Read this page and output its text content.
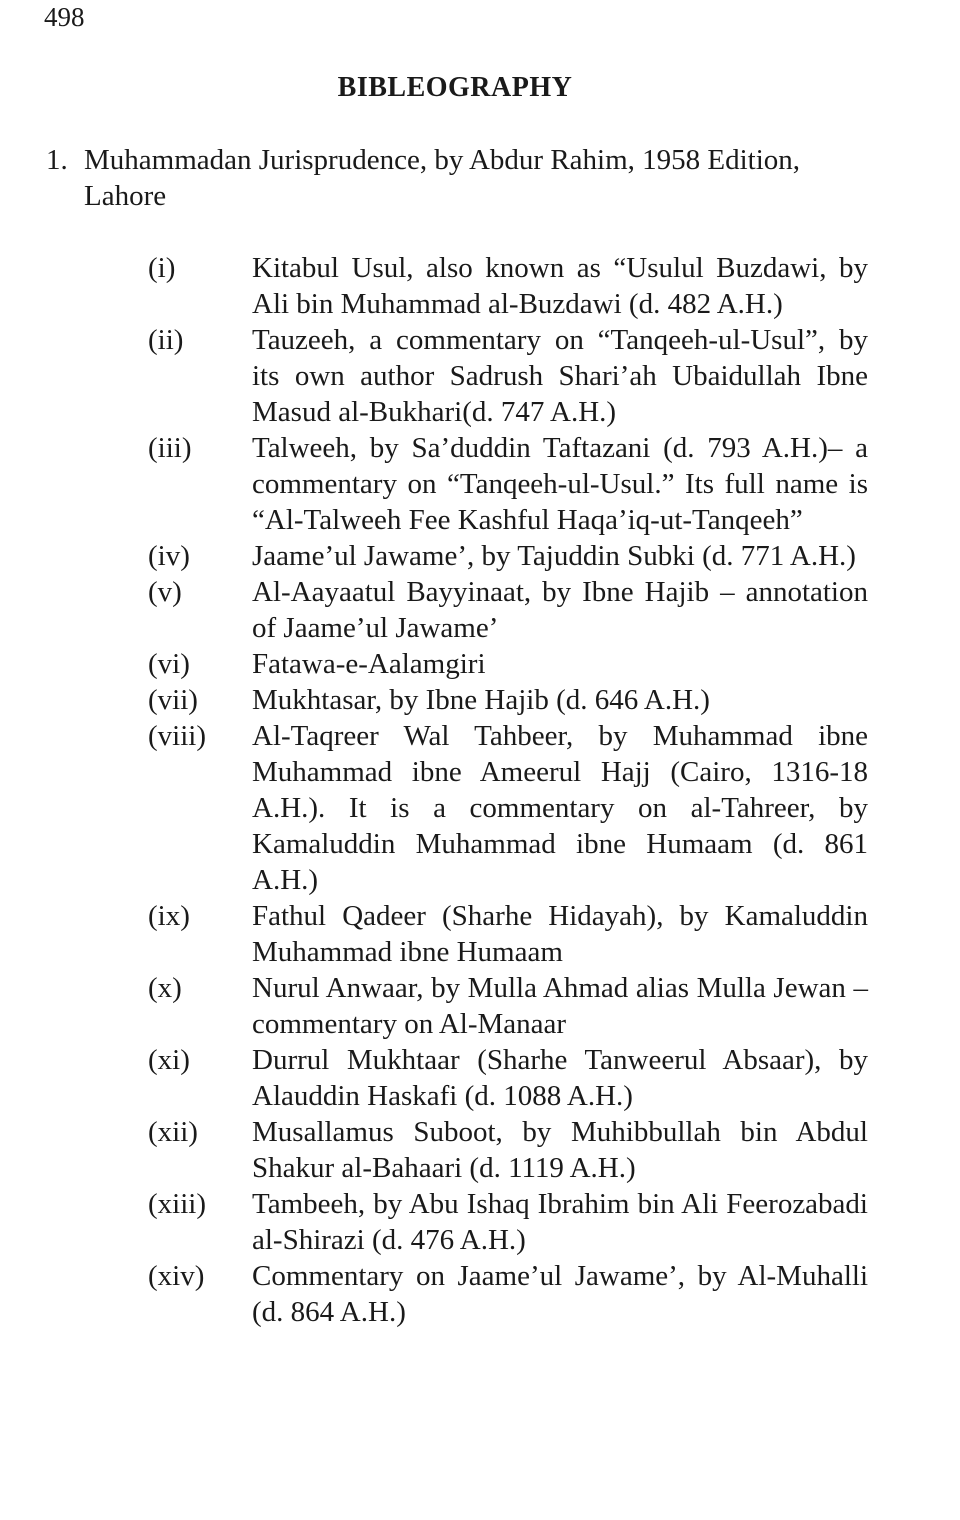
498
BIBLEOGRAPHY
1. Muhammadan Jurisprudence, by Abdur Rahim, 1958 Edition, Lahore
(i)	Kitabul Usul, also known as “Usulul Buzdawi, by Ali bin Muhammad al-Buzdawi (d. 482 A.H.)
(ii)	Tauzeeh, a commentary on “Tanqeeh-ul-Usul”, by its own author Sadrush Shari’ah Ubaidullah Ibne Masud al-Bukhari(d. 747 A.H.)
(iii)	Talweeh, by Sa’duddin Taftazani (d. 793 A.H.)– a commentary on “Tanqeeh-ul-Usul.” Its full name is “Al-Talweeh Fee Kashful Haqa’iq-ut-Tanqeeh”
(iv)	Jaame’ul Jawame’, by Tajuddin Subki (d. 771 A.H.)
(v)	Al-Aayaatul Bayyinaat, by Ibne Hajib – annotation of Jaame’ul Jawame’
(vi)	Fatawa-e-Aalamgiri
(vii)	Mukhtasar, by Ibne Hajib (d. 646 A.H.)
(viii)	Al-Taqreer Wal Tahbeer, by Muhammad ibne Muhammad ibne Ameerul Hajj (Cairo, 1316-18 A.H.). It is a commentary on al-Tahreer, by Kamaluddin Muhammad ibne Humaam (d. 861 A.H.)
(ix)	Fathul Qadeer (Sharhe Hidayah), by Kamaluddin Muhammad ibne Humaam
(x)	Nurul Anwaar, by Mulla Ahmad alias Mulla Jewan – commentary on Al-Manaar
(xi)	Durrul Mukhtaar (Sharhe Tanweerul Absaar), by Alauddin Haskafi (d. 1088 A.H.)
(xii)	Musallamus Suboot, by Muhibbullah bin Abdul Shakur al-Bahaari (d. 1119 A.H.)
(xiii)	Tambeeh, by Abu Ishaq Ibrahim bin Ali Feerozabadi al-Shirazi (d. 476 A.H.)
(xiv)	Commentary on Jaame’ul Jawame’, by Al-Muhalli (d. 864 A.H.)
